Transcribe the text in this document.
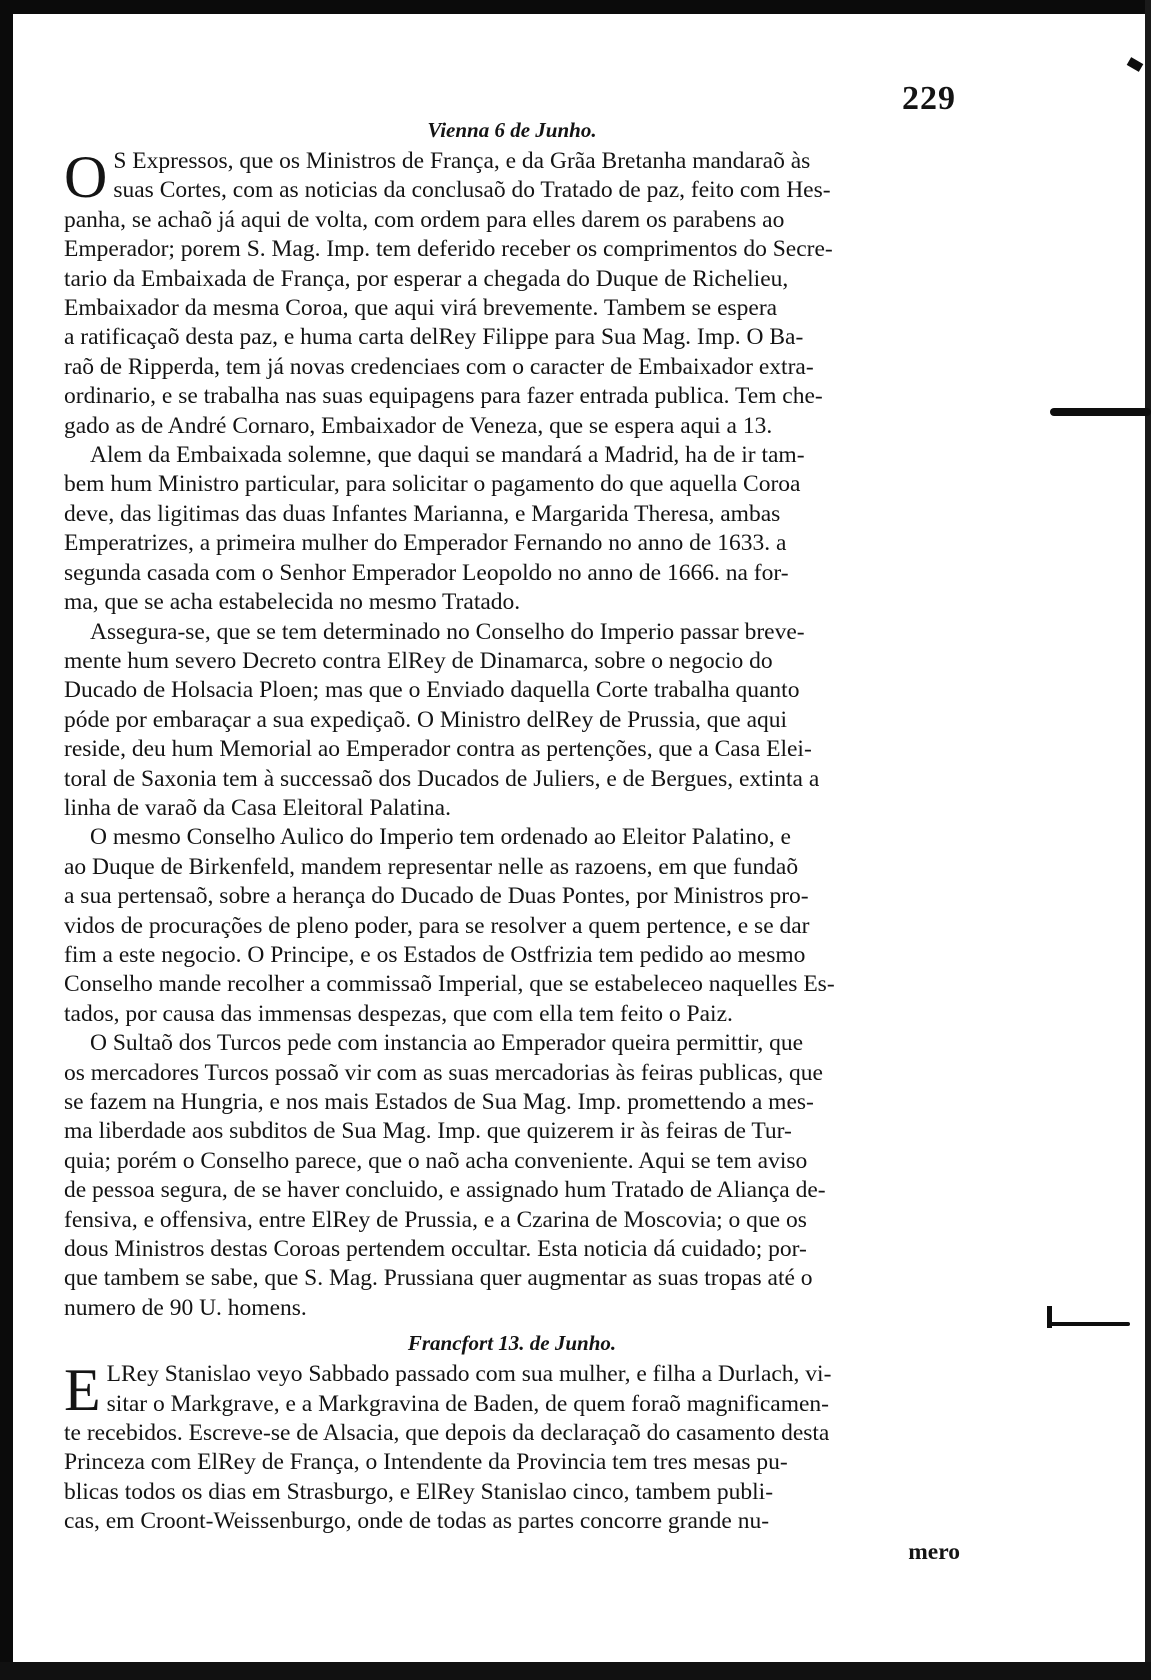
229
Vienna 6 de Junho.

O S Expressos, que os Ministros de França, e da Grãa Bretanha mandaraõ às
suas Cortes, com as noticias da conclusaõ do Tratado de paz, feito com Hes-
panha, se achaõ já aqui de volta, com ordem para elles darem os parabens ao
Emperador; porem S. Mag. Imp. tem deferido receber os comprimentos do Secre-
tario da Embaixada de França, por esperar a chegada do Duque de Richelieu,
Embaixador da mesma Coroa, que aqui virá brevemente. Tambem se espera
a ratificaçaõ desta paz, e huma carta delRey Filippe para Sua Mag. Imp. O Ba-
raõ de Ripperda, tem já novas credenciaes com o caracter de Embaixador extra-
ordinario, e se trabalha nas suas equipagens para fazer entrada publica. Tem che-
gado as de André Cornaro, Embaixador de Veneza, que se espera aqui a 13.

Alem da Embaixada solemne, que daqui se mandará a Madrid, ha de ir tam-
bem hum Ministro particular, para solicitar o pagamento do que aquella Coroa
deve, das ligitimas das duas Infantes Marianna, e Margarida Theresa, ambas
Emperatrizes, a primeira mulher do Emperador Fernando no anno de 1633. a
segunda casada com o Senhor Emperador Leopoldo no anno de 1666. na for-
ma, que se acha estabelecida no mesmo Tratado.

Assegura-se, que se tem determinado no Conselho do Imperio passar breve-
mente hum severo Decreto contra ElRey de Dinamarca, sobre o negocio do
Ducado de Holsacia Ploen; mas que o Enviado daquella Corte trabalha quanto
póde por embaraçar a sua expediçaõ. O Ministro delRey de Prussia, que aqui
reside, deu hum Memorial ao Emperador contra as pertenções, que a Casa Elei-
toral de Saxonia tem à successaõ dos Ducados de Juliers, e de Bergues, extinta a
linha de varaõ da Casa Eleitoral Palatina.

O mesmo Conselho Aulico do Imperio tem ordenado ao Eleitor Palatino, e
ao Duque de Birkenfeld, mandem representar nelle as razoens, em que fundaõ
a sua pertensaõ, sobre a herança do Ducado de Duas Pontes, por Ministros pro-
vidos de procurações de pleno poder, para se resolver a quem pertence, e se dar
fim a este negocio. O Principe, e os Estados de Ostfrizia tem pedido ao mesmo
Conselho mande recolher a commissaõ Imperial, que se estabeleceo naquelles Es-
tados, por causa das immensas despezas, que com ella tem feito o Paiz.

O Sultaõ dos Turcos pede com instancia ao Emperador queira permittir, que
os mercadores Turcos possaõ vir com as suas mercadorias às feiras publicas, que
se fazem na Hungria, e nos mais Estados de Sua Mag. Imp. promettendo a mes-
ma liberdade aos subditos de Sua Mag. Imp. que quizerem ir às feiras de Tur-
quia; porém o Conselho parece, que o naõ acha conveniente. Aqui se tem aviso
de pessoa segura, de se haver concluido, e assignado hum Tratado de Aliança de-
fensiva, e offensiva, entre ElRey de Prussia, e a Czarina de Moscovia; o que os
dous Ministros destas Coroas pertendem occultar. Esta noticia dá cuidado; por-
que tambem se sabe, que S. Mag. Prussiana quer augmentar as suas tropas até o
numero de 90 U. homens.

Francfort 13. de Junho.

E LRey Stanislao veyo Sabbado passado com sua mulher, e filha a Durlach, vi-
sitar o Markgrave, e a Markgravina de Baden, de quem foraõ magnificamen-
te recebidos. Escreve-se de Alsacia, que depois da declaraçaõ do casamento desta
Princeza com ElRey de França, o Intendente da Provincia tem tres mesas pu-
blicas todos os dias em Strasburgo, e ElRey Stanislao cinco, tambem publi-
cas, em Croont-Weissenburgo, onde de todas as partes concorre grande nu-

mero
